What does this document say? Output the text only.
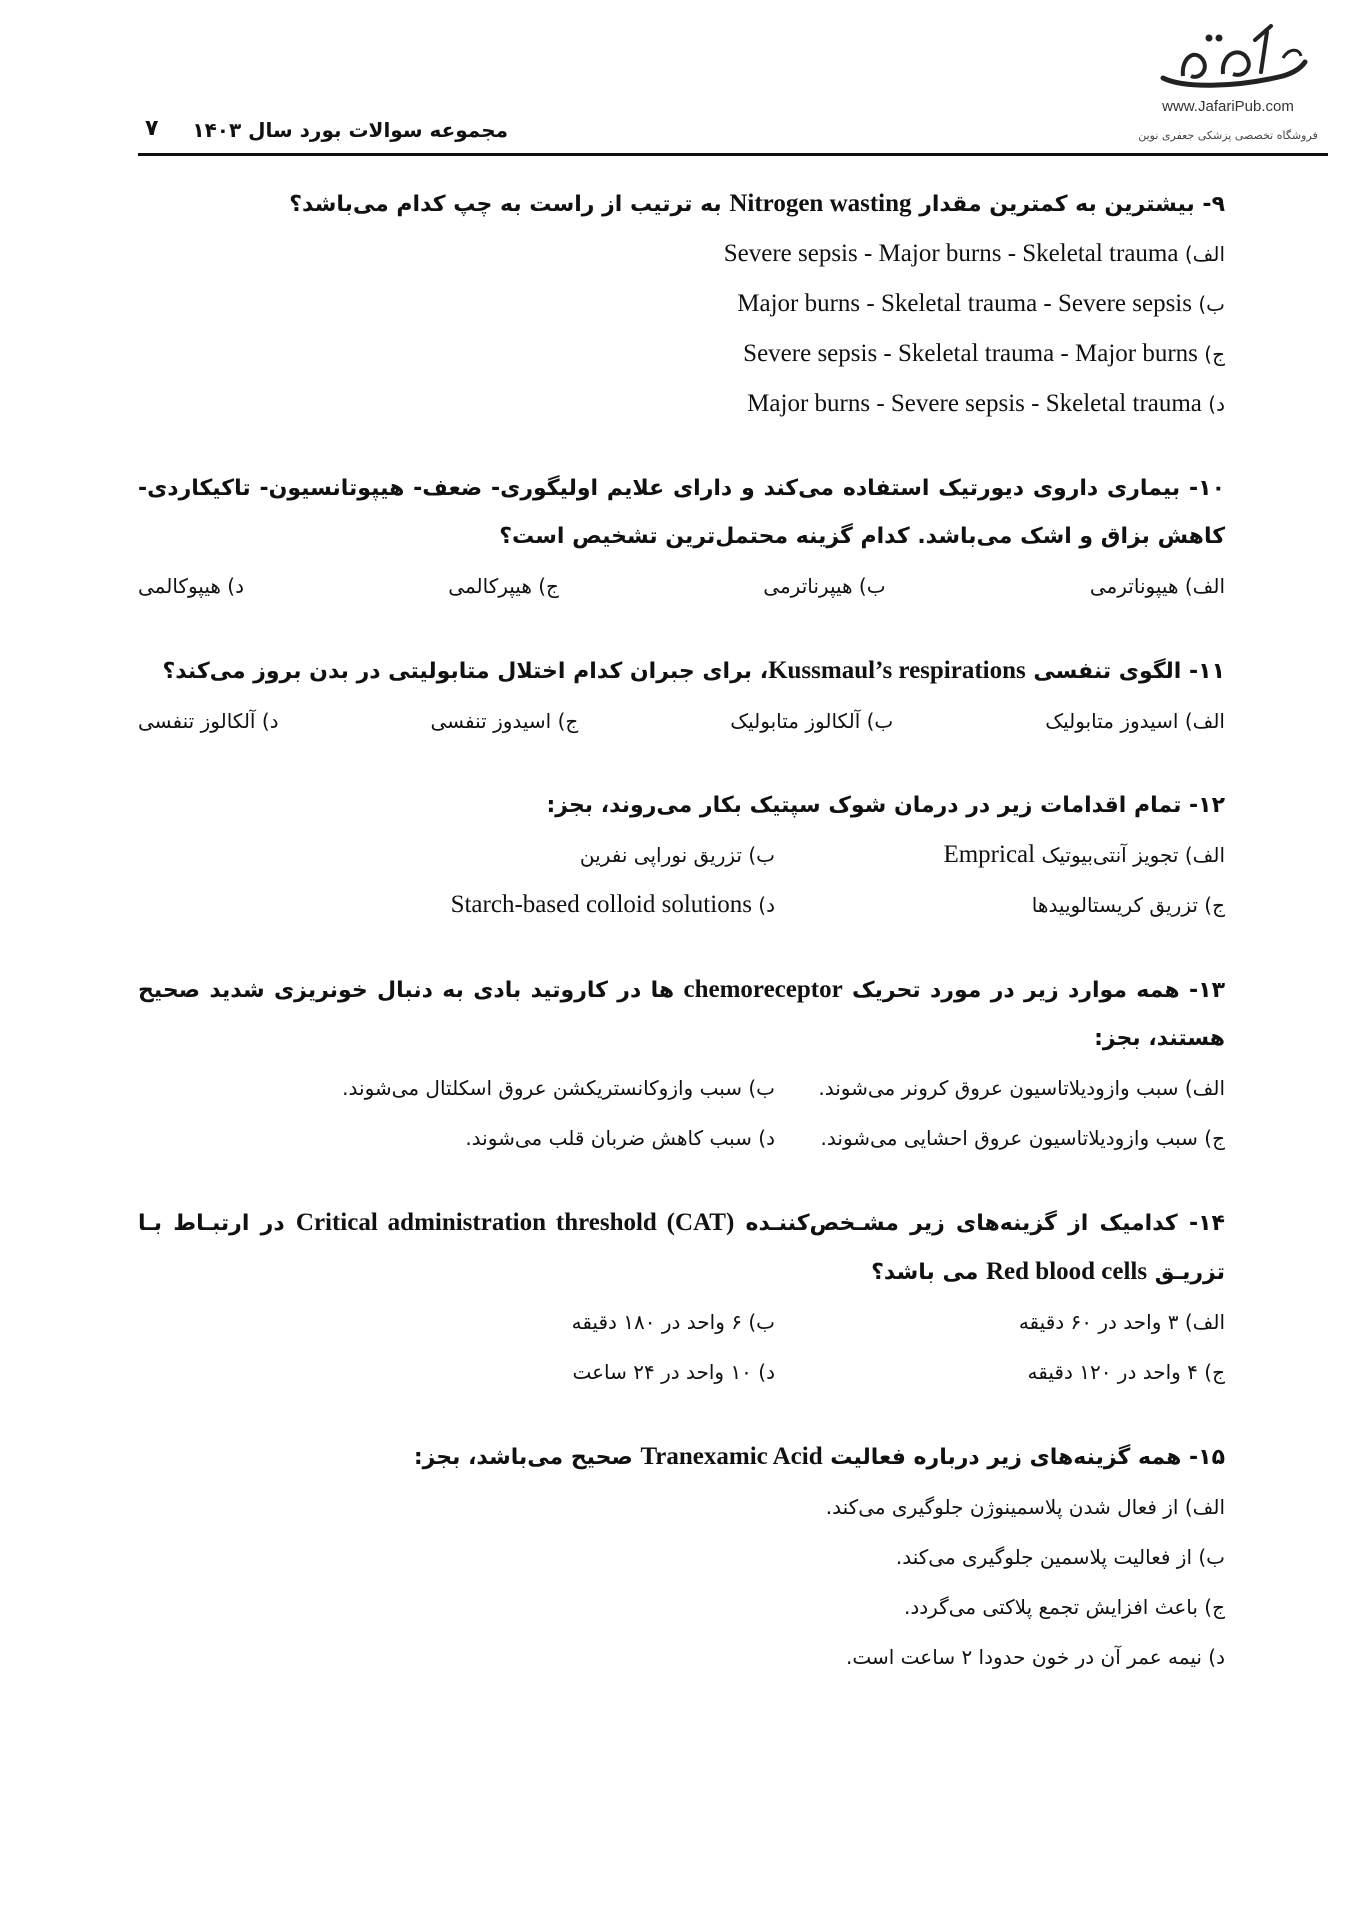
www.JafariPub.com
فروشگاه تخصصی پزشکی جعفری نوین
مجموعه سوالات بورد سال ۱۴۰۳
۷
۹- بیشترین به کمترین مقدار Nitrogen wasting به ترتیب از راست به چپ کدام می‌باشد؟
الف) Severe sepsis - Major burns - Skeletal trauma
ب) Major burns - Skeletal trauma - Severe sepsis
ج) Severe sepsis - Skeletal trauma - Major burns
د) Major burns - Severe sepsis - Skeletal trauma
۱۰- بیماری داروی دیورتیک استفاده می‌کند و دارای علایم اولیگوری- ضعف- هیپوتانسیون- تاکیکاردی- کاهش بزاق و اشک می‌باشد. کدام گزینه محتمل‌ترین تشخیص است؟
الف) هیپوناترمی
ب) هیپرناترمی
ج) هیپرکالمی
د) هیپوکالمی
۱۱- الگوی تنفسی Kussmaul’s respirations، برای جبران کدام اختلال متابولیتی در بدن بروز می‌کند؟
الف) اسیدوز متابولیک
ب) آلکالوز متابولیک
ج) اسیدوز تنفسی
د) آلکالوز تنفسی
۱۲- تمام اقدامات زیر در درمان شوک سپتیک بکار می‌روند، بجز:
الف) تجویز آنتی‌بیوتیک Emprical
ب) تزریق نوراپی نفرین
ج) تزریق کریستالوییدها
د) Starch-based colloid solutions
۱۳- همه موارد زیر در مورد تحریک chemoreceptor ها در کاروتید بادی به دنبال خونریزی شدید صحیح هستند، بجز:
الف) سبب وازودیلاتاسیون عروق کرونر می‌شوند.
ب) سبب وازوکانستریکشن عروق اسکلتال می‌شوند.
ج) سبب وازودیلاتاسیون عروق احشایی می‌شوند.
د) سبب کاهش ضربان قلب می‌شوند.
۱۴- کدامیک از گزینه‌های زیر مشـخص‌کننـده Critical administration threshold (CAT) در ارتبـاط بـا تزریـق Red blood cells می باشد؟
الف) ۳ واحد در ۶۰ دقیقه
ب) ۶ واحد در ۱۸۰ دقیقه
ج) ۴ واحد در ۱۲۰ دقیقه
د) ۱۰ واحد در ۲۴ ساعت
۱۵- همه گزینه‌های زیر درباره فعالیت Tranexamic Acid صحیح می‌باشد، بجز:
الف) از فعال شدن پلاسمینوژن جلوگیری می‌کند.
ب) از فعالیت پلاسمین جلوگیری می‌کند.
ج) باعث افزایش تجمع پلاکتی می‌گردد.
د) نیمه عمر آن در خون حدودا ۲ ساعت است.
